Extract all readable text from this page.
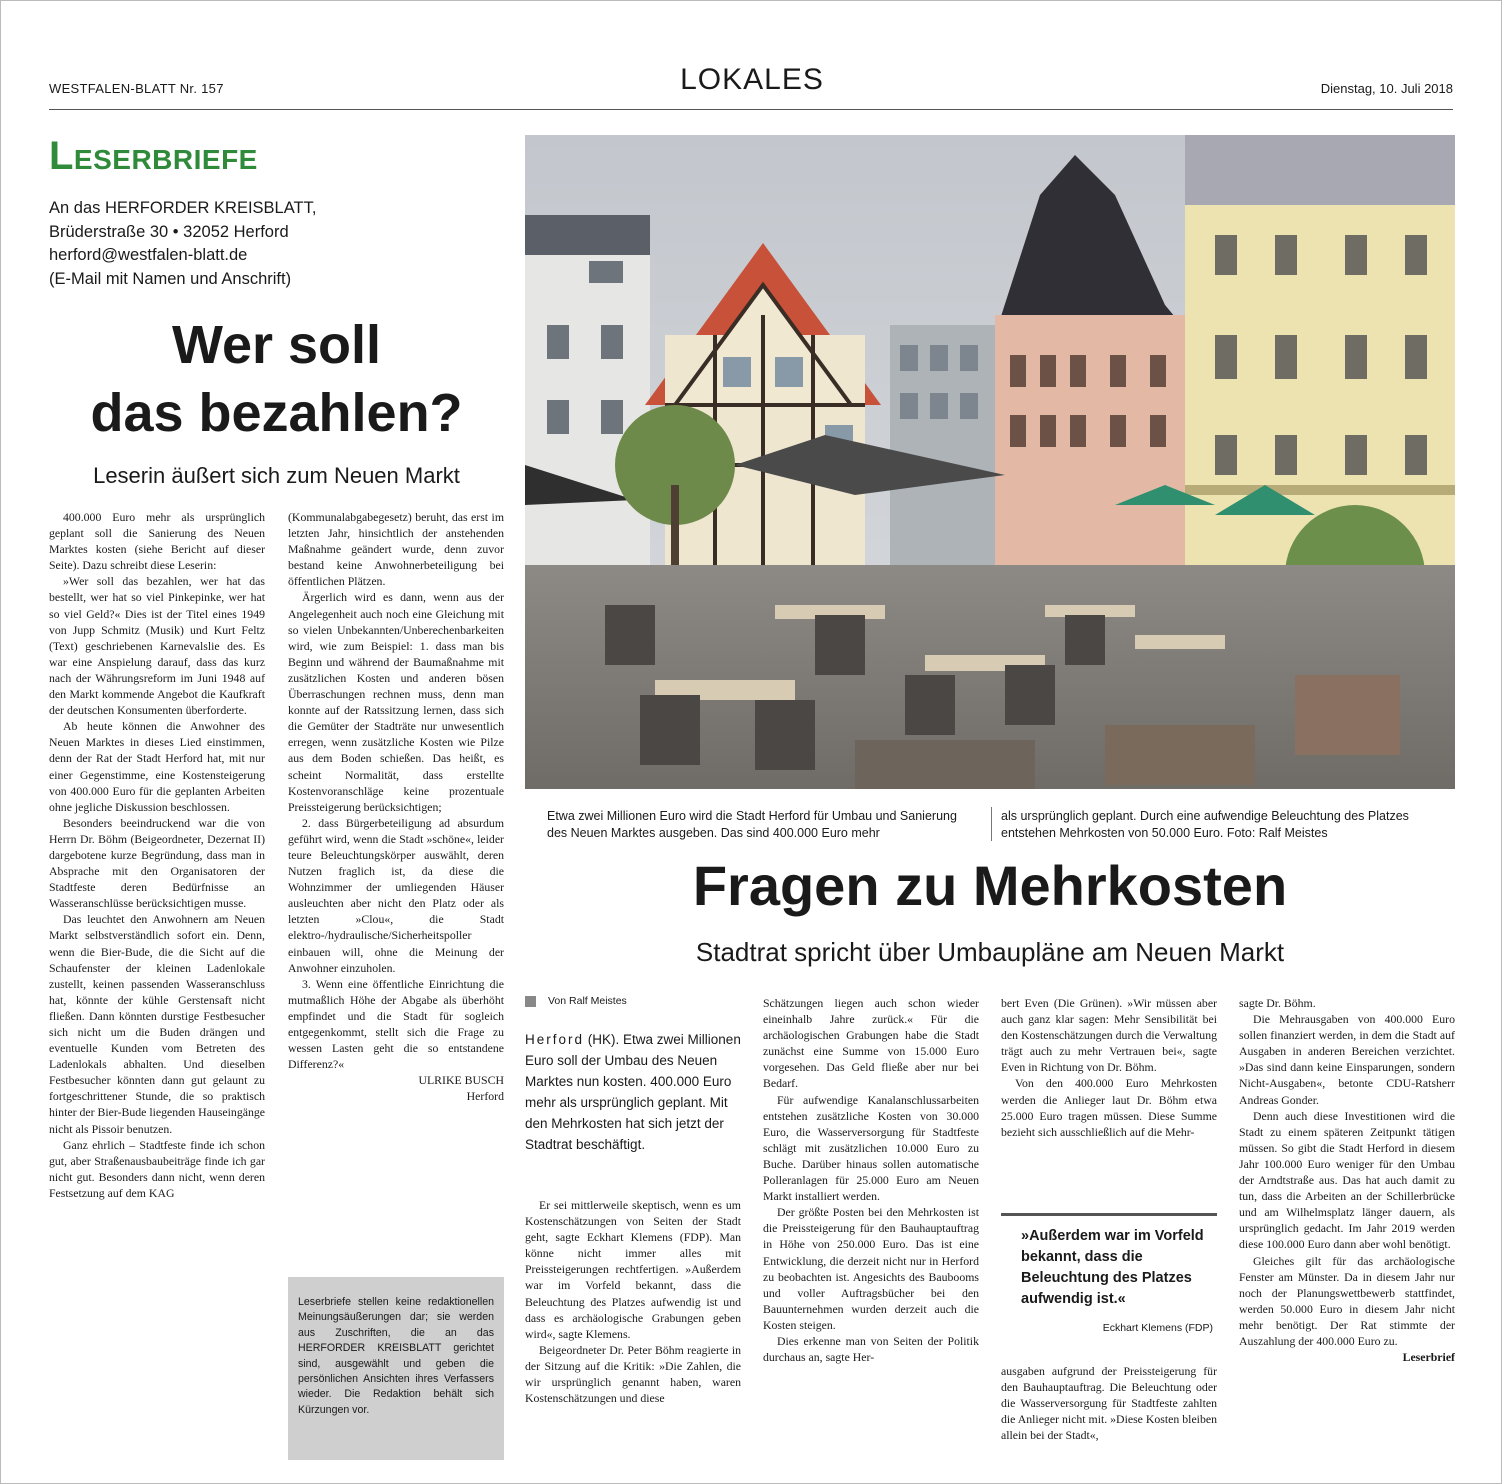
WESTFALEN-BLATT Nr. 157	LOKALES	Dienstag, 10. Juli 2018
Leserbriefe
An das HERFORDER KREISBLATT,
Brüderstraße 30 • 32052 Herford
herford@westfalen-blatt.de
(E-Mail mit Namen und Anschrift)
Wer soll
das bezahlen?
Leserin äußert sich zum Neuen Markt

400.000 Euro mehr als ursprünglich geplant soll die Sanierung des Neuen Marktes kosten (siehe Bericht auf dieser Seite). Dazu schreibt diese Leserin:

»Wer soll das bezahlen, wer hat das bestellt, wer hat so viel Pinkepinke, wer hat so viel Geld?« Dies ist der Titel eines 1949 von Jupp Schmitz (Musik) und Kurt Feltz (Text) geschriebenen Karnevalslie des. Es war eine Anspielung darauf, dass das kurz nach der Währungsreform im Juni 1948 auf den Markt kommende Angebot die Kaufkraft der deutschen Konsumenten überforderte.

Ab heute können die Anwohner des Neuen Marktes in dieses Lied einstimmen, denn der Rat der Stadt Herford hat, mit nur einer Gegenstimme, eine Kostensteigerung von 400.000 Euro für die geplanten Arbeiten ohne jegliche Diskussion beschlossen.

Besonders beeindruckend war die von Herrn Dr. Böhm (Beigeordneter, Dezernat II) dargebotene kurze Begründung, dass man in Absprache mit den Organisatoren der Stadtfeste deren Bedürfnisse an Wasseranschlüsse berücksichtigen musse.

Das leuchtet den Anwohnern am Neuen Markt selbstverständlich sofort ein. Denn, wenn die Bier-Bude, die die Sicht auf die Schaufenster der kleinen Ladenlokale zustellt, keinen passenden Wasseranschluss hat, könnte der kühle Gerstensaft nicht fließen. Dann könnten durstige Festbesucher sich nicht um die Buden drängen und eventuelle Kunden vom Betreten des Ladenlokals abhalten. Und dieselben Festbesucher könnten dann gut gelaunt zu fortgeschrittener Stunde, die so praktisch hinter der Bier-Bude liegenden Hauseingänge nicht als Pissoir benutzen.

Ganz ehrlich – Stadtfeste finde ich schon gut, aber Straßenausbaubeiträge finde ich gar nicht gut. Besonders dann nicht, wenn deren Festsetzung auf dem KAG

(Kommunalabgabegesetz) beruht, das erst im letzten Jahr, hinsichtlich der anstehenden Maßnahme geändert wurde, denn zuvor bestand keine Anwohnerbeteiligung bei öffentlichen Plätzen.

Ärgerlich wird es dann, wenn aus der Angelegenheit auch noch eine Gleichung mit so vielen Unbekannten/Unberechenbarkeiten wird, wie zum Beispiel: 1. dass man bis Beginn und während der Baumaßnahme mit zusätzlichen Kosten und anderen bösen Überraschungen rechnen muss, denn man konnte auf der Ratssitzung lernen, dass sich die Gemüter der Stadträte nur unwesentlich erregen, wenn zusätzliche Kosten wie Pilze aus dem Boden schießen. Das heißt, es scheint Normalität, dass erstellte Kostenvoranschläge keine prozentuale Preissteigerung berücksichtigen;

2. dass Bürgerbeteiligung ad absurdum geführt wird, wenn die Stadt »schöne«, leider teure Beleuchtungskörper auswählt, deren Nutzen fraglich ist, da diese die Wohnzimmer der umliegenden Häuser ausleuchten aber nicht den Platz oder als letzten »Clou«, die Stadt elektro-/hydraulische/Sicherheitspoller einbauen will, ohne die Meinung der Anwohner einzuholen.

3. Wenn eine öffentliche Einrichtung die mutmaßlich Höhe der Abgabe als überhöht empfindet und die Stadt für sogleich entgegenkommt, stellt sich die Frage zu wessen Lasten geht die so entstandene Differenz?«

ULRIKE BUSCH
Herford
Leserbriefe stellen keine redaktionellen Meinungsäußerungen dar; sie werden aus Zuschriften, die an das HERFORDER KREISBLATT gerichtet sind, ausgewählt und geben die persönlichen Ansichten ihres Verfassers wieder. Die Redaktion behält sich Kürzungen vor.
Etwa zwei Millionen Euro wird die Stadt Herford für Umbau und Sanierung des Neuen Marktes ausgeben. Das sind 400.000 Euro mehr
als ursprünglich geplant. Durch eine aufwendige Beleuchtung des Platzes entstehen Mehrkosten von 50.000 Euro. Foto: Ralf Meistes
Fragen zu Mehrkosten
Stadtrat spricht über Umbaupläne am Neuen Markt
Von Ralf Meistes
Herford (HK). Etwa zwei Millionen Euro soll der Umbau des Neuen Marktes nun kosten. 400.000 Euro mehr als ursprünglich geplant. Mit den Mehrkosten hat sich jetzt der Stadtrat beschäftigt.

Er sei mittlerweile skeptisch, wenn es um Kostenschätzungen von Seiten der Stadt geht, sagte Eckhart Klemens (FDP). Man könne nicht immer alles mit Preissteigerungen rechtfertigen. »Außerdem war im Vorfeld bekannt, dass die Beleuchtung des Platzes aufwendig ist und dass es archäologische Grabungen geben wird«, sagte Klemens.

Beigeordneter Dr. Peter Böhm reagierte in der Sitzung auf die Kritik: »Die Zahlen, die wir ursprünglich genannt haben, waren Kostenschätzungen und diese

Schätzungen liegen auch schon wieder eineinhalb Jahre zurück.« Für die archäologischen Grabungen habe die Stadt zunächst eine Summe von 15.000 Euro vorgesehen. Das Geld fließe aber nur bei Bedarf.

Für aufwendige Kanalanschlussarbeiten entstehen zusätzliche Kosten von 30.000 Euro, die Wasserversorgung für Stadtfeste schlägt mit zusätzlichen 10.000 Euro zu Buche. Darüber hinaus sollen automatische Polleranlagen für 25.000 Euro am Neuen Markt installiert werden.

Der größte Posten bei den Mehrkosten ist die Preissteigerung für den Bauhauptauftrag in Höhe von 250.000 Euro. Das ist eine Entwicklung, die derzeit nicht nur in Herford zu beobachten ist. Angesichts des Baubooms und voller Auftragsbücher bei den Bauunternehmen wurden derzeit auch die Kosten steigen.

Dies erkenne man von Seiten der Politik durchaus an, sagte Her-

bert Even (Die Grünen). »Wir müssen aber auch ganz klar sagen: Mehr Sensibilität bei den Kostenschätzungen durch die Verwaltung trägt auch zu mehr Vertrauen bei«, sagte Even in Richtung von Dr. Böhm.

Von den 400.000 Euro Mehrkosten werden die Anlieger laut Dr. Böhm etwa 25.000 Euro tragen müssen. Diese Summe bezieht sich ausschließlich auf die Mehr-

»Außerdem war im Vorfeld bekannt, dass die Beleuchtung des Platzes aufwendig ist.«
Eckhart Klemens (FDP)

ausgaben aufgrund der Preissteigerung für den Bauhauptauftrag. Die Beleuchtung oder die Wasserversorgung für Stadtfeste zahlten die Anlieger nicht mit. »Diese Kosten bleiben allein bei der Stadt«,

sagte Dr. Böhm.

Die Mehrausgaben von 400.000 Euro sollen finanziert werden, in dem die Stadt auf Ausgaben in anderen Bereichen verzichtet. »Das sind dann keine Einsparungen, sondern Nicht-Ausgaben«, betonte CDU-Ratsherr Andreas Gonder.

Denn auch diese Investitionen wird die Stadt zu einem späteren Zeitpunkt tätigen müssen. So gibt die Stadt Herford in diesem Jahr 100.000 Euro weniger für den Umbau der Arndtstraße aus. Das hat auch damit zu tun, dass die Arbeiten an der Schillerbrücke und am Wilhelmsplatz länger dauern, als ursprünglich gedacht. Im Jahr 2019 werden diese 100.000 Euro dann aber wohl benötigt.

Gleiches gilt für das archäologische Fenster am Münster. Da in diesem Jahr nur noch der Planungswettbewerb stattfindet, werden 50.000 Euro in diesem Jahr nicht mehr benötigt. Der Rat stimmte der Auszahlung der 400.000 Euro zu.

Leserbrief
